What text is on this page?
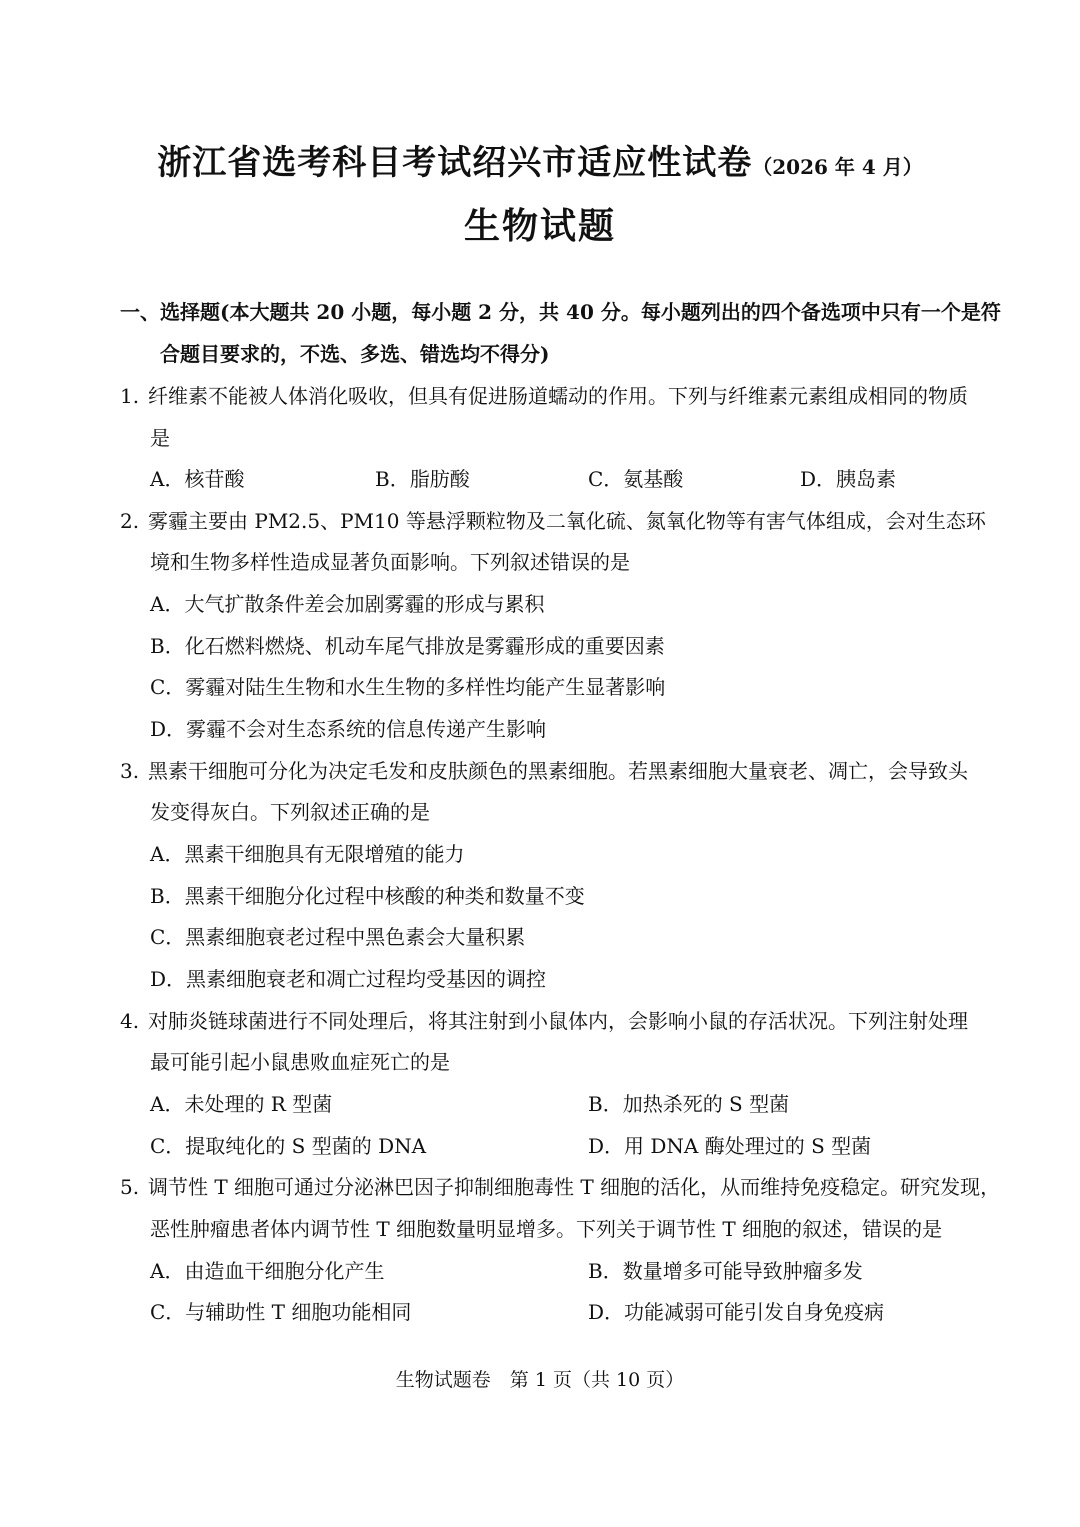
浙江省选考科目考试绍兴市适应性试卷（2026 年 4 月）
生物试题
一、选择题(本大题共 20 小题，每小题 2 分，共 40 分。每小题列出的四个备选项中只有一个是符
合题目要求的，不选、多选、错选均不得分)
1. 纤维素不能被人体消化吸收，但具有促进肠道蠕动的作用。下列与纤维素元素组成相同的物质
是
A．核苷酸	B．脂肪酸	C．氨基酸	D．胰岛素
2. 雾霾主要由 PM2.5、PM10 等悬浮颗粒物及二氧化硫、氮氧化物等有害气体组成，会对生态环
境和生物多样性造成显著负面影响。下列叙述错误的是
A．大气扩散条件差会加剧雾霾的形成与累积
B．化石燃料燃烧、机动车尾气排放是雾霾形成的重要因素
C．雾霾对陆生生物和水生生物的多样性均能产生显著影响
D．雾霾不会对生态系统的信息传递产生影响
3. 黑素干细胞可分化为决定毛发和皮肤颜色的黑素细胞。若黑素细胞大量衰老、凋亡，会导致头
发变得灰白。下列叙述正确的是
A．黑素干细胞具有无限增殖的能力
B．黑素干细胞分化过程中核酸的种类和数量不变
C．黑素细胞衰老过程中黑色素会大量积累
D．黑素细胞衰老和凋亡过程均受基因的调控
4. 对肺炎链球菌进行不同处理后，将其注射到小鼠体内，会影响小鼠的存活状况。下列注射处理
最可能引起小鼠患败血症死亡的是
A．未处理的 R 型菌	B．加热杀死的 S 型菌
C．提取纯化的 S 型菌的 DNA	D．用 DNA 酶处理过的 S 型菌
5. 调节性 T 细胞可通过分泌淋巴因子抑制细胞毒性 T 细胞的活化，从而维持免疫稳定。研究发现，
恶性肿瘤患者体内调节性 T 细胞数量明显增多。下列关于调节性 T 细胞的叙述，错误的是
A．由造血干细胞分化产生	B．数量增多可能导致肿瘤多发
C．与辅助性 T 细胞功能相同	D．功能减弱可能引发自身免疫病
生物试题卷　第 1 页（共 10 页）
